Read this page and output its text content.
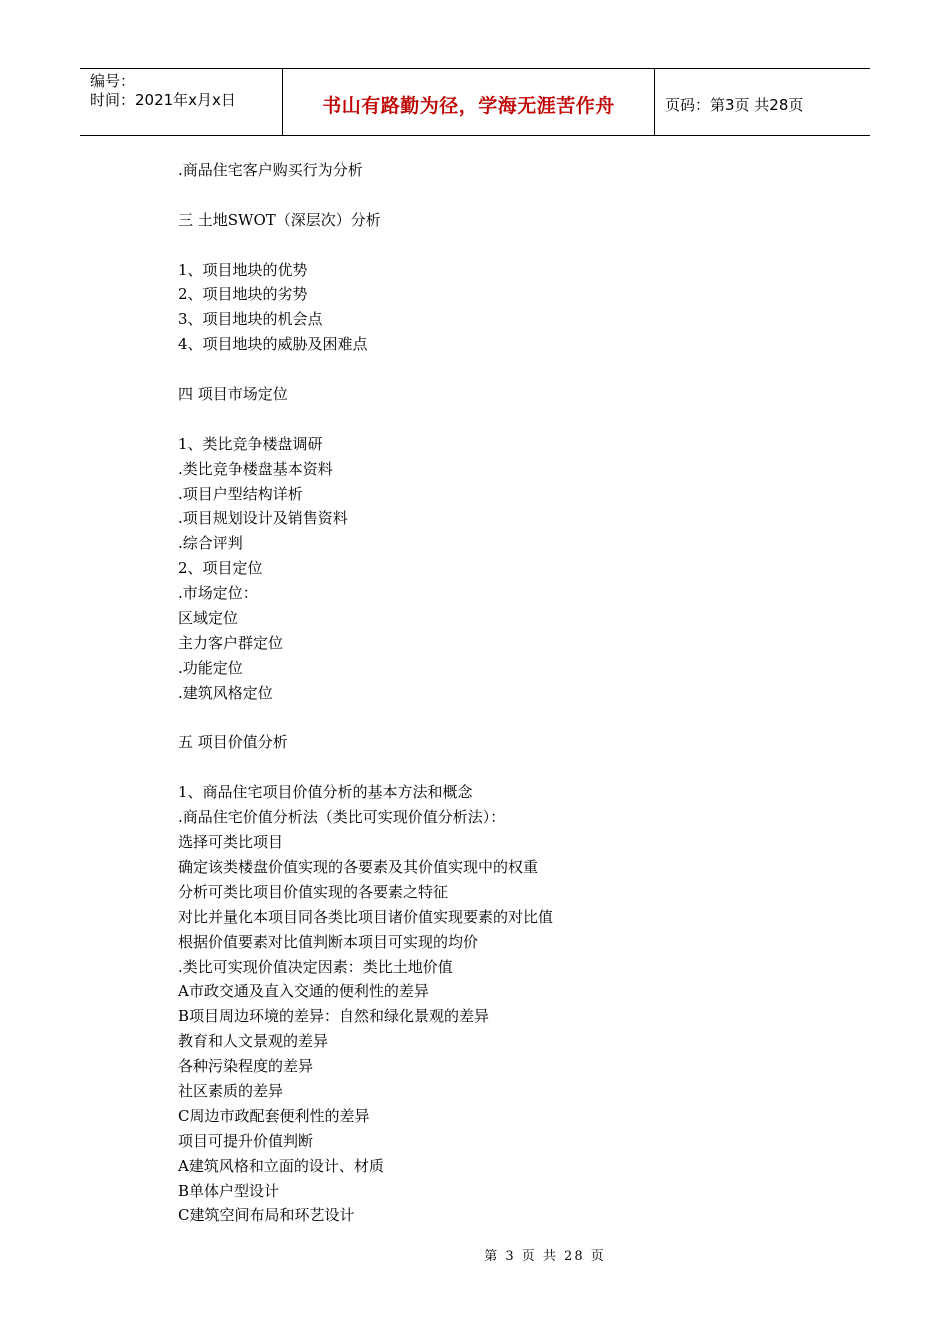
编号：
时间：2021年x月x日	书山有路勤为径，学海无涯苦作舟	页码：第3页 共28页
.商品住宅客户购买行为分析
三 土地SWOT（深层次）分析
1、项目地块的优势
2、项目地块的劣势
3、项目地块的机会点
4、项目地块的威胁及困难点
四 项目市场定位
1、类比竞争楼盘调研
.类比竞争楼盘基本资料
.项目户型结构详析
.项目规划设计及销售资料
.综合评判
2、项目定位
.市场定位：
区域定位
主力客户群定位
.功能定位
.建筑风格定位
五 项目价值分析
1、商品住宅项目价值分析的基本方法和概念
.商品住宅价值分析法（类比可实现价值分析法）：
选择可类比项目
确定该类楼盘价值实现的各要素及其价值实现中的权重
分析可类比项目价值实现的各要素之特征
对比并量化本项目同各类比项目诸价值实现要素的对比值
根据价值要素对比值判断本项目可实现的均价
.类比可实现价值决定因素：类比土地价值
A市政交通及直入交通的便利性的差异
B项目周边环境的差异：自然和绿化景观的差异
教育和人文景观的差异
各种污染程度的差异
社区素质的差异
C周边市政配套便利性的差异
项目可提升价值判断
A建筑风格和立面的设计、材质
B单体户型设计
C建筑空间布局和环艺设计
第 3 页 共 28 页
